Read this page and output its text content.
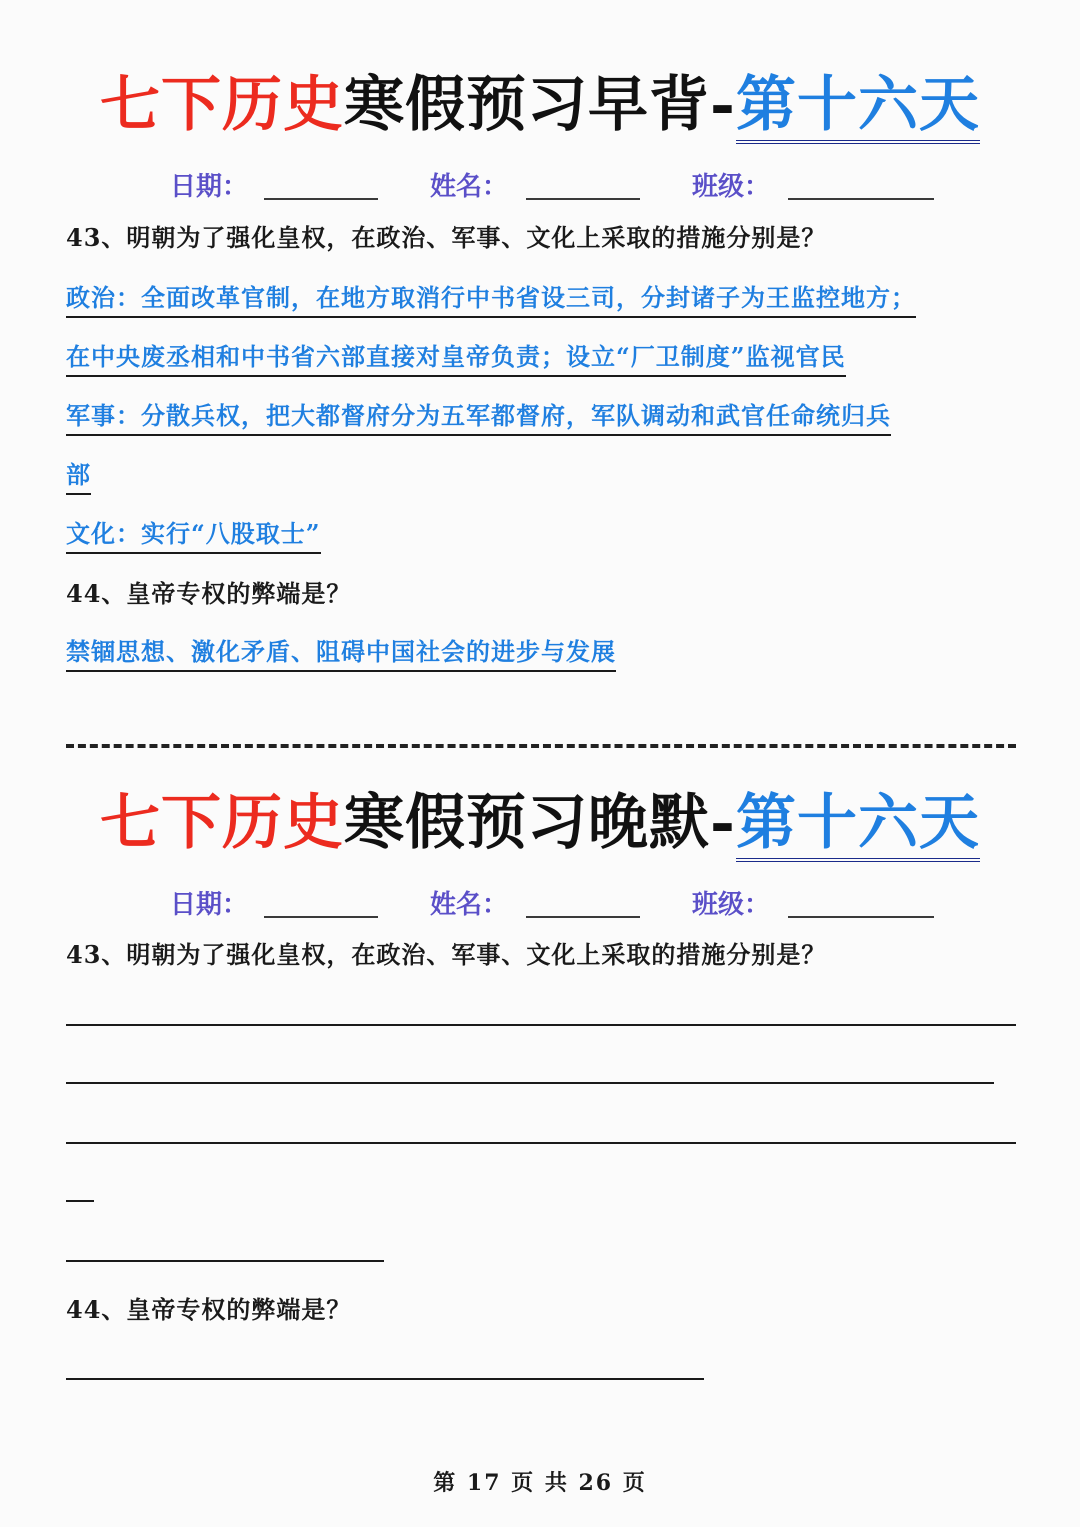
七下历史寒假预习早背-第十六天
日期：	姓名：	班级：
43、明朝为了强化皇权，在政治、军事、文化上采取的措施分别是？
政治：全面改革官制，在地方取消行中书省设三司，分封诸子为王监控地方；
在中央废丞相和中书省六部直接对皇帝负责；设立“厂卫制度”监视官民
军事：分散兵权，把大都督府分为五军都督府，军队调动和武官任命统归兵
部
文化：实行“八股取士”
44、皇帝专权的弊端是？
禁锢思想、激化矛盾、阻碍中国社会的进步与发展
七下历史寒假预习晚默-第十六天
日期：	姓名：	班级：
43、明朝为了强化皇权，在政治、军事、文化上采取的措施分别是？
44、皇帝专权的弊端是？
第 17 页 共 26 页
